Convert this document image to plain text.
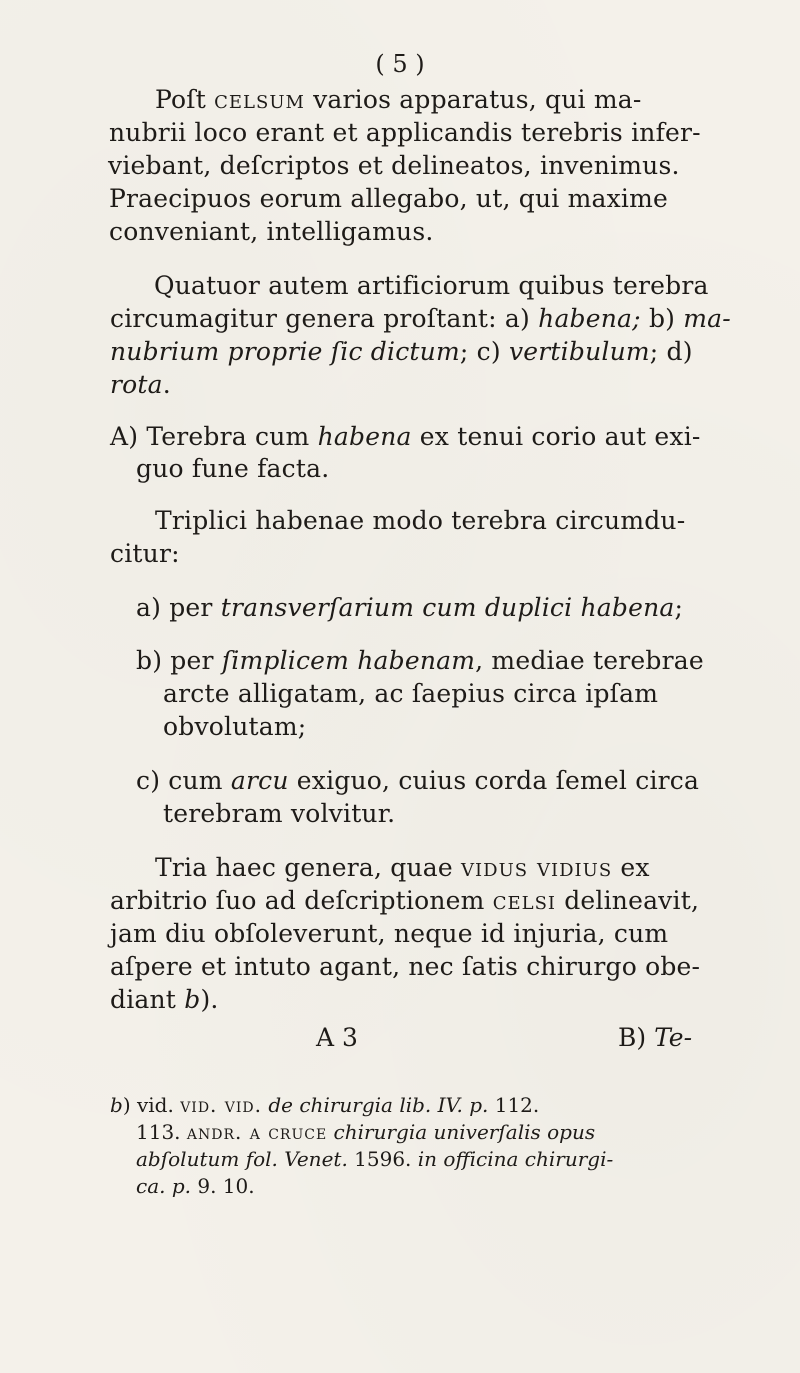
( 5 )
Poſt celsum varios apparatus, qui ma-
nubrii loco erant et applicandis terebris infer-
viebant, deſcriptos et delineatos, invenimus.
Praecipuos eorum allegabo, ut, qui maxime
conveniant, intelligamus.
Quatuor autem artificiorum quibus terebra
circumagitur genera proſtant: a) habena; b) ma-
nubrium proprie ſic dictum; c) vertibulum; d)
rota.
A) Terebra cum habena ex tenui corio aut exi-
guo fune facta.
Triplici habenae modo terebra circumdu-
citur:
a) per transverſarium cum duplici habena;
b) per ſimplicem habenam, mediae terebrae
arcte alligatam, ac ſaepius circa ipſam
obvolutam;
c) cum arcu exiguo, cuius corda ſemel circa
terebram volvitur.
Tria haec genera, quae vidus vidius ex
arbitrio ſuo ad deſcriptionem celsi delineavit,
jam diu obſoleverunt, neque id injuria, cum
aſpere et intuto agant, nec ſatis chirurgo obe-
diant b).
A 3	B) Te-
b) vid. vid. vid. de chirurgia lib. IV. p. 112.
113. andr. a cruce chirurgia univerſalis opus
abſolutum fol. Venet. 1596. in officina chirurgi-
ca. p. 9. 10.
